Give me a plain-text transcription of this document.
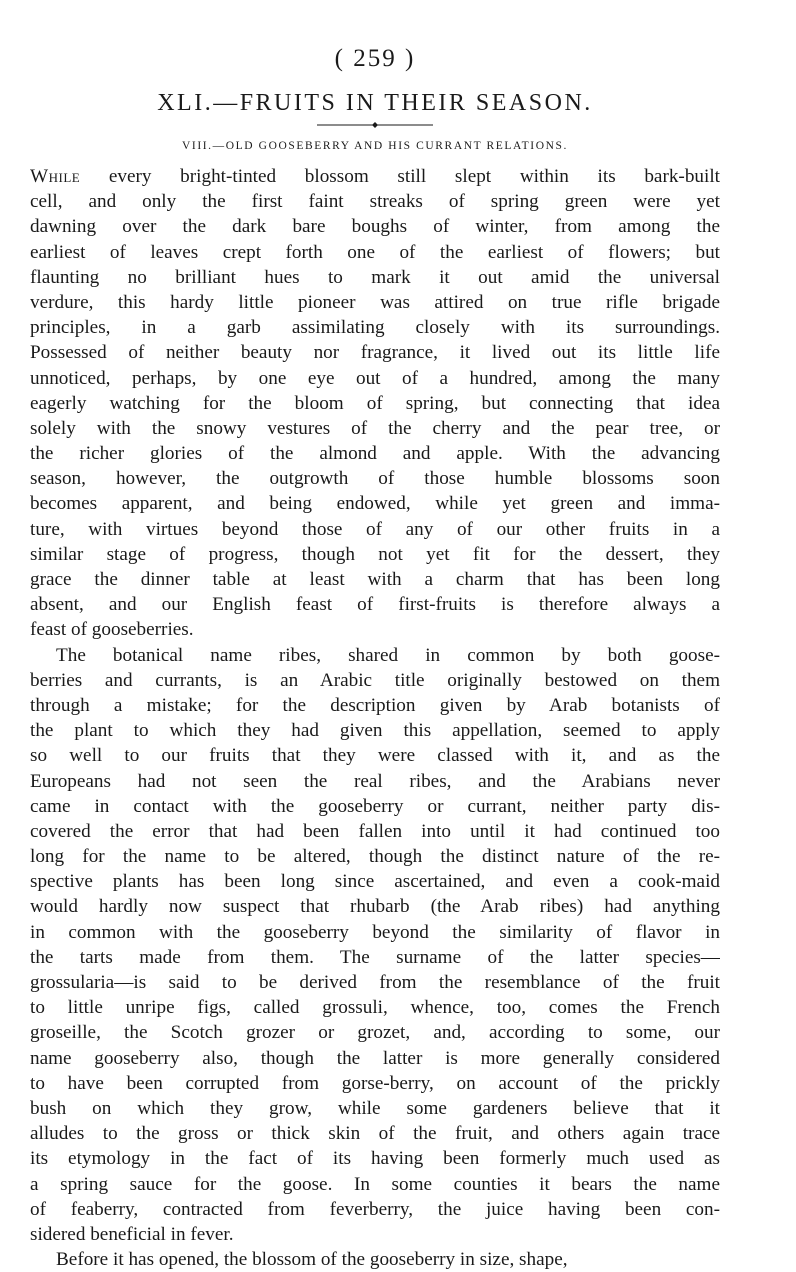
( 259 )
XLI.—FRUITS IN THEIR SEASON.
VIII.—OLD GOOSEBERRY AND HIS CURRANT RELATIONS.
While every bright-tinted blossom still slept within its bark-built
cell, and only the first faint streaks of spring green were yet
dawning over the dark bare boughs of winter, from among the
earliest of leaves crept forth one of the earliest of flowers; but
flaunting no brilliant hues to mark it out amid the universal
verdure, this hardy little pioneer was attired on true rifle brigade
principles, in a garb assimilating closely with its surroundings.
Possessed of neither beauty nor fragrance, it lived out its little life
unnoticed, perhaps, by one eye out of a hundred, among the many
eagerly watching for the bloom of spring, but connecting that idea
solely with the snowy vestures of the cherry and the pear tree, or
the richer glories of the almond and apple. With the advancing
season, however, the outgrowth of those humble blossoms soon
becomes apparent, and being endowed, while yet green and imma-
ture, with virtues beyond those of any of our other fruits in a
similar stage of progress, though not yet fit for the dessert, they
grace the dinner table at least with a charm that has been long
absent, and our English feast of first-fruits is therefore always a
feast of gooseberries.
The botanical name ribes, shared in common by both goose-
berries and currants, is an Arabic title originally bestowed on them
through a mistake; for the description given by Arab botanists of
the plant to which they had given this appellation, seemed to apply
so well to our fruits that they were classed with it, and as the
Europeans had not seen the real ribes, and the Arabians never
came in contact with the gooseberry or currant, neither party dis-
covered the error that had been fallen into until it had continued too
long for the name to be altered, though the distinct nature of the re-
spective plants has been long since ascertained, and even a cook-maid
would hardly now suspect that rhubarb (the Arab ribes) had anything
in common with the gooseberry beyond the similarity of flavor in
the tarts made from them. The surname of the latter species—
grossularia—is said to be derived from the resemblance of the fruit
to little unripe figs, called grossuli, whence, too, comes the French
groseille, the Scotch grozer or grozet, and, according to some, our
name gooseberry also, though the latter is more generally considered
to have been corrupted from gorse-berry, on account of the prickly
bush on which they grow, while some gardeners believe that it
alludes to the gross or thick skin of the fruit, and others again trace
its etymology in the fact of its having been formerly much used as
a spring sauce for the goose. In some counties it bears the name
of feaberry, contracted from feverberry, the juice having been con-
sidered beneficial in fever.
Before it has opened, the blossom of the gooseberry in size, shape,
